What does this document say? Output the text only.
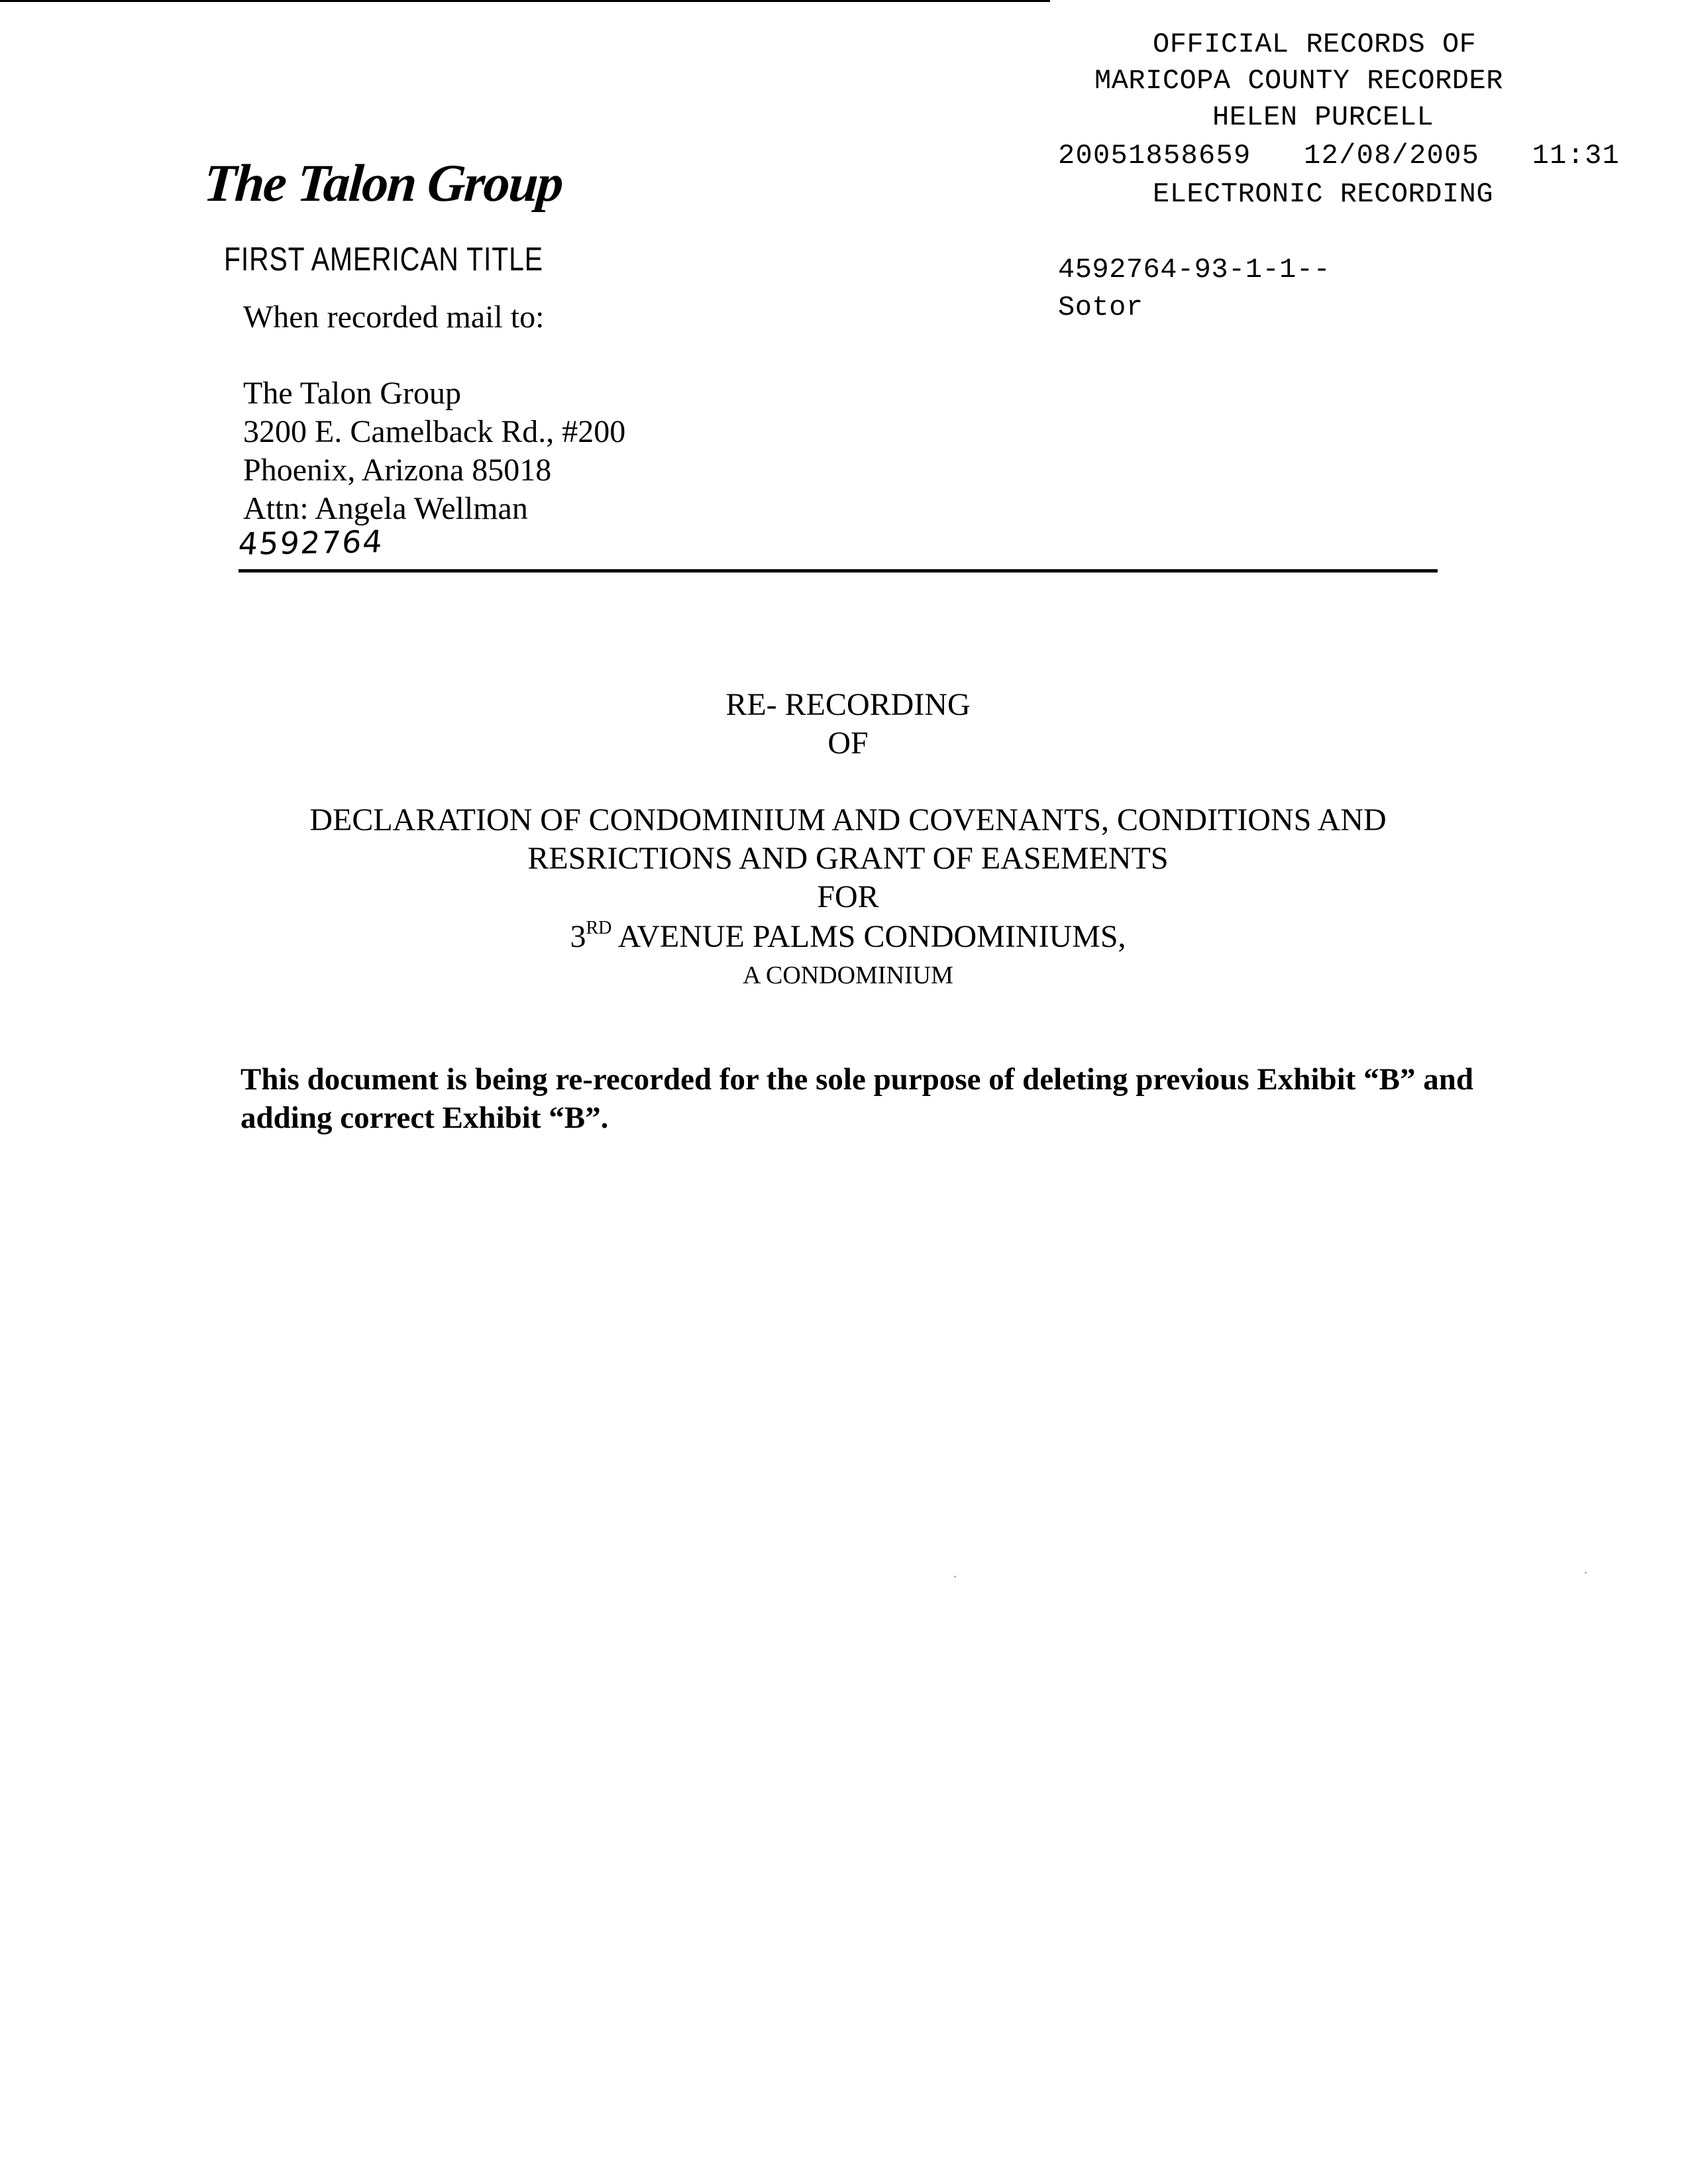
OFFICIAL RECORDS OF
MARICOPA COUNTY RECORDER
HELEN PURCELL
20051858659   12/08/2005   11:31
ELECTRONIC RECORDING
4592764-93-1-1--
Sotor
The Talon Group
FIRST AMERICAN TITLE
When recorded mail to:
The Talon Group
3200 E. Camelback Rd., #200
Phoenix, Arizona 85018
Attn: Angela Wellman
4592764
RE- RECORDING
OF
DECLARATION OF CONDOMINIUM AND COVENANTS, CONDITIONS AND
RESRICTIONS AND GRANT OF EASEMENTS
FOR
3RD AVENUE PALMS CONDOMINIUMS,
A CONDOMINIUM
This document is being re-recorded for the sole purpose of deleting previous Exhibit “B” and adding correct Exhibit “B”.
